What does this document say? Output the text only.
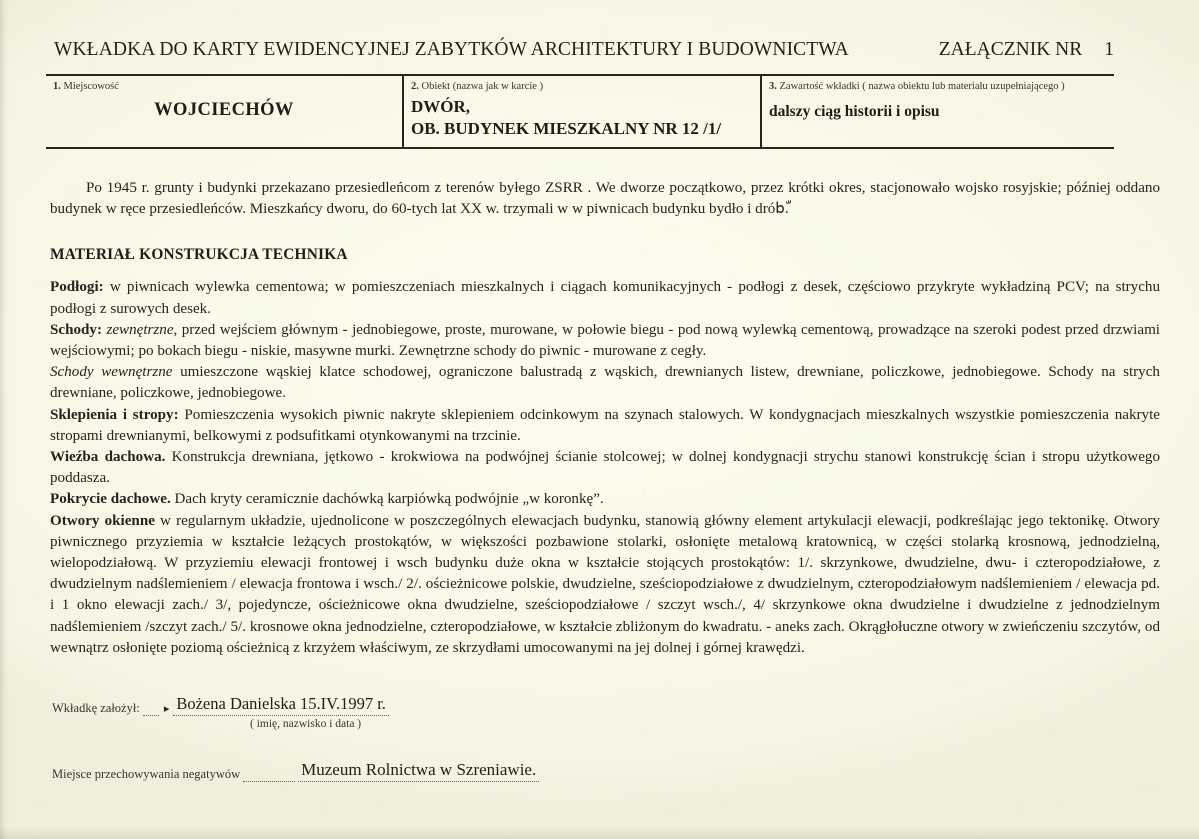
WKŁADKA DO KARTY EWIDENCYJNEJ ZABYTKÓW ARCHITEKTURY I BUDOWNICTWA	ZAŁĄCZNIK NR 1
1. Miejscowość
WOJCIECHÓW
2. Obiekt (nazwa jak w karcie )
DWÓR,
OB. BUDYNEK MIESZKALNY NR 12 /1/
3. Zawartość wkładki ( nazwa obiektu lub materiału uzupełniającego )
dalszy ciąg historii i opisu

Po 1945 r. grunty i budynki przekazano przesiedleńcom z terenów byłego ZSRR . We dworze początkowo, przez krótki okres, stacjonowało wojsko rosyjskie; później oddano budynek w ręce przesiedleńców. Mieszkańcy dworu, do 60-tych lat XX w. trzymali w w piwnicach budynku bydło i dróbّ.

MATERIAŁ KONSTRUKCJA TECHNIKA

Podłogi: w piwnicach wylewka cementowa; w pomieszczeniach mieszkalnych i ciągach komunikacyjnych - podłogi z desek, częściowo przykryte wykładziną PCV; na strychu podłogi z surowych desek.

Schody: zewnętrzne, przed wejściem głównym - jednobiegowe, proste, murowane, w połowie biegu - pod nową wylewką cementową, prowadzące na szeroki podest przed drzwiami wejściowymi; po bokach biegu - niskie, masywne murki. Zewnętrzne schody do piwnic - murowane z cegły.

Schody wewnętrzne umieszczone wąskiej klatce schodowej, ograniczone balustradą z wąskich, drewnianych listew, drewniane, policzkowe, jednobiegowe. Schody na strych drewniane, policzkowe, jednobiegowe.

Sklepienia i stropy: Pomieszczenia wysokich piwnic nakryte sklepieniem odcinkowym na szynach stalowych. W kondygnacjach mieszkalnych wszystkie pomieszczenia nakryte stropami drewnianymi, belkowymi z podsufitkami otynkowanymi na trzcinie.

Wieźba dachowa. Konstrukcja drewniana, jętkowo - krokwiowa na podwójnej ścianie stolcowej; w dolnej kondygnacji strychu stanowi konstrukcję ścian i stropu użytkowego poddasza.

Pokrycie dachowe. Dach kryty ceramicznie dachówką karpiówką podwójnie „w koronkę”.

Otwory okienne w regularnym układzie, ujednolicone w poszczególnych elewacjach budynku, stanowią główny element artykulacji elewacji, podkreślając jego tektonikę. Otwory piwnicznego przyziemia w kształcie leżących prostokątów, w większości pozbawione stolarki, osłonięte metalową kratownicą, w części stolarką krosnową, jednodzielną, wielopodziałową. W przyziemiu elewacji frontowej i wsch budynku duże okna w kształcie stojących prostokątów: 1/. skrzynkowe, dwudzielne, dwu- i czteropodziałowe, z dwudzielnym nadślemieniem / elewacja frontowa i wsch./ 2/. ościeżnicowe polskie, dwudzielne, sześciopodziałowe z dwudzielnym, czteropodziałowym nadślemieniem / elewacja pd. i 1 okno elewacji zach./ 3/, pojedyncze, ościeżnicowe okna dwudzielne, sześciopodziałowe / szczyt wsch./, 4/ skrzynkowe okna dwudzielne i dwudzielne z jednodzielnym nadślemieniem /szczyt zach./ 5/. krosnowe okna jednodzielne, czteropodziałowe, w kształcie zbliżonym do kwadratu. - aneks zach. Okrągłołuczne otwory w zwieńczeniu szczytów, od wewnątrz osłonięte poziomą ościeżnicą z krzyżem właściwym, ze skrzydłami umocowanymi na jej dolnej i górnej krawędzi.

Wkładkę założył: ▸ Bożena Danielska 15.IV.1997 r.
( imię, nazwisko i data )
Miejsce przechowywania negatywów	Muzeum Rolnictwa w Szreniawie.
